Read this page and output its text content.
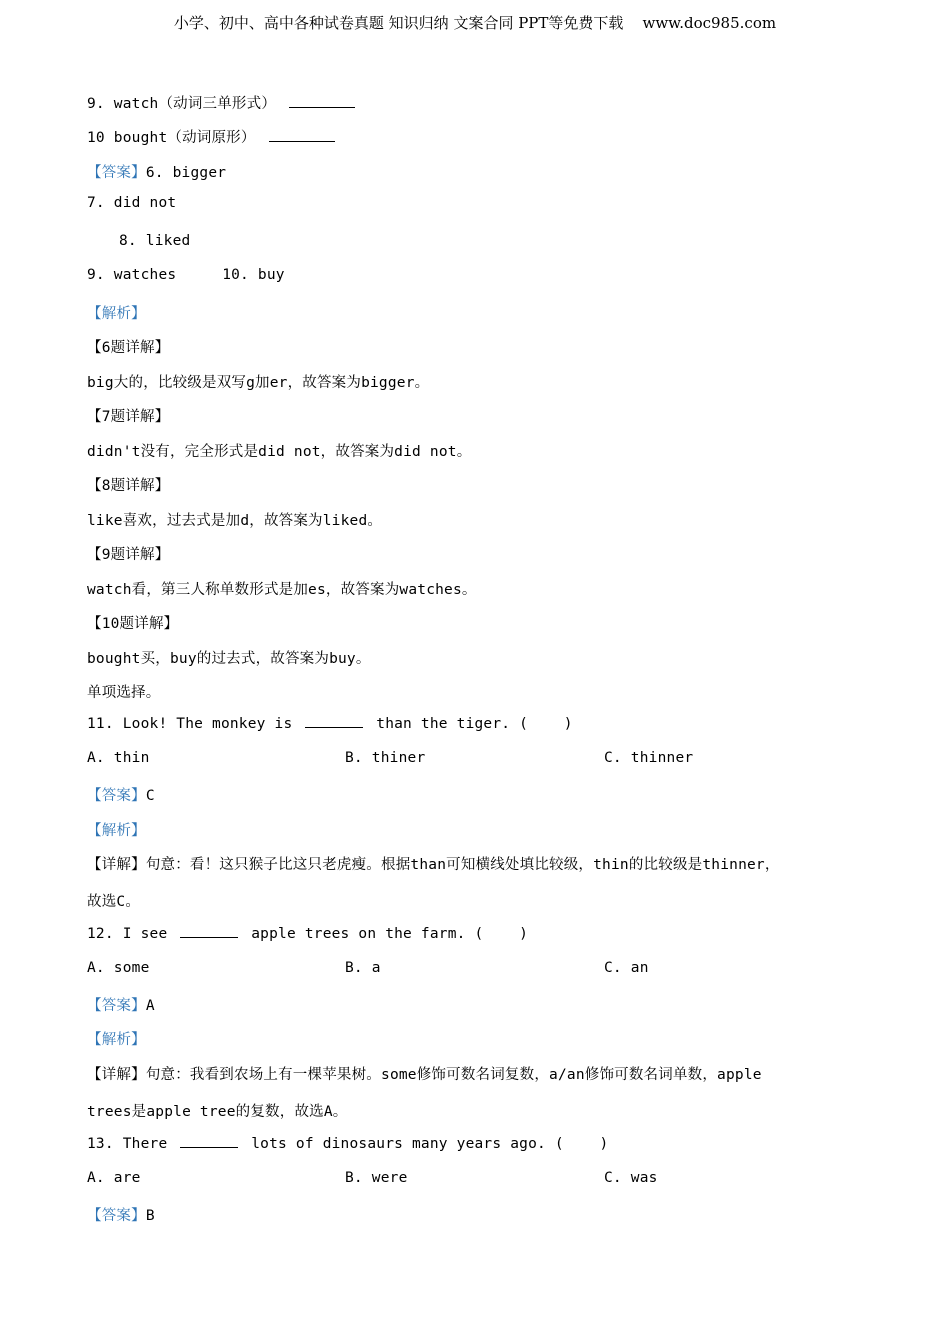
小学、初中、高中各种试卷真题 知识归纳 文案合同 PPT等免费下载    www.doc985.com
9. watch（动词三单形式）
10 bought（动词原形）
【答案】6. bigger
7. did not
8. liked
9. watches	10. buy
【解析】
【6题详解】
big大的，比较级是双写g加er，故答案为bigger。
【7题详解】
didn't没有，完全形式是did not，故答案为did not。
【8题详解】
like喜欢，过去式是加d，故答案为liked。
【9题详解】
watch看，第三人称单数形式是加es，故答案为watches。
【10题详解】
bought买，buy的过去式，故答案为buy。
单项选择。
11. Look! The monkey is	than the tiger. (    )
A. thin	B. thiner	C. thinner
【答案】C
【解析】
【详解】句意：看！这只猴子比这只老虎瘦。根据than可知横线处填比较级，thin的比较级是thinner，
故选C。
12. I see	apple trees on the farm. (    )
A. some	B. a	C. an
【答案】A
【解析】
【详解】句意：我看到农场上有一棵苹果树。some修饰可数名词复数，a/an修饰可数名词单数，apple
trees是apple tree的复数，故选A。
13. There	lots of dinosaurs many years ago. (    )
A. are	B. were	C. was
【答案】B
